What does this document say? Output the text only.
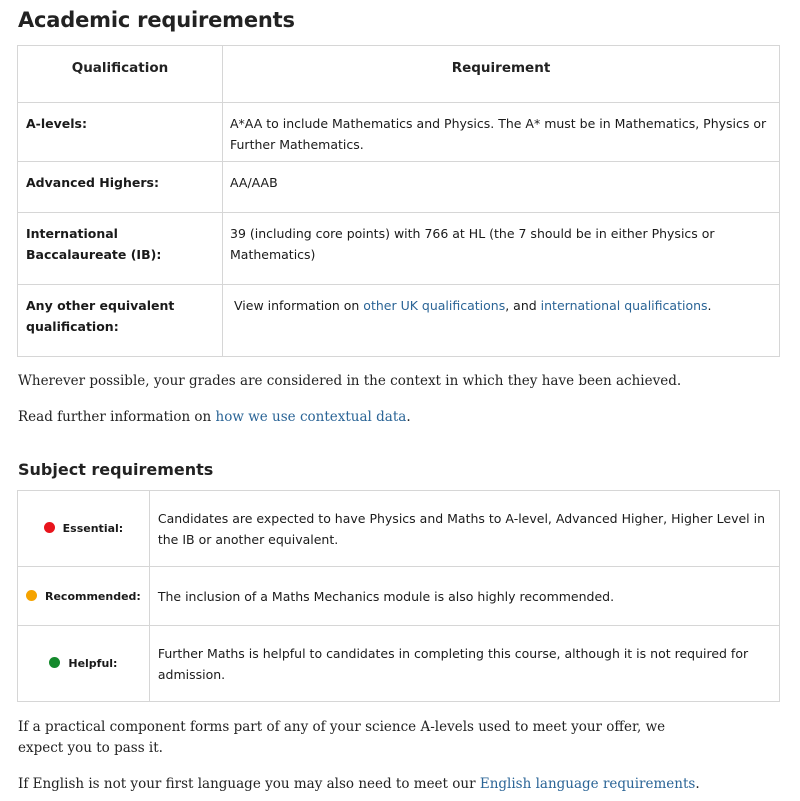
Academic requirements
Qualification	Requirement
A-levels:	A*AA to include Mathematics and Physics. The A* must be in Mathematics, Physics or Further Mathematics.
Advanced Highers:	AA/AAB
International Baccalaureate (IB):	39 (including core points) with 766 at HL (the 7 should be in either Physics or Mathematics)
Any other equivalent qualification:	View information on other UK qualifications, and international qualifications.

Wherever possible, your grades are considered in the context in which they have been achieved.

Read further information on how we use contextual data.

Subject requirements
Essential:	Candidates are expected to have Physics and Maths to A-level, Advanced Higher, Higher Level in the IB or another equivalent.
Recommended:	The inclusion of a Maths Mechanics module is also highly recommended.
Helpful:	Further Maths is helpful to candidates in completing this course, although it is not required for admission.

If a practical component forms part of any of your science A-levels used to meet your offer, we expect you to pass it.

If English is not your first language you may also need to meet our English language requirements.
